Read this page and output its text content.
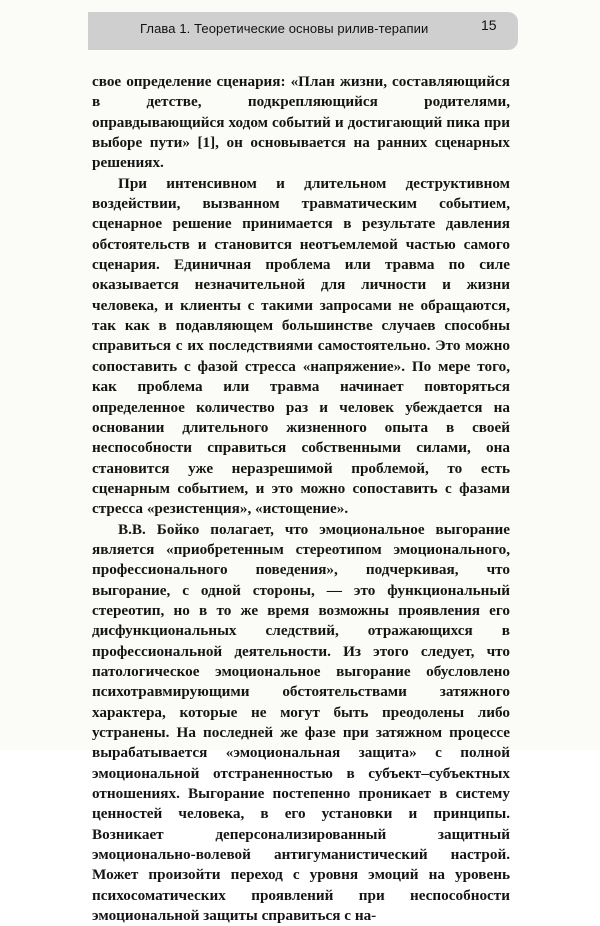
Глава 1. Теоретические основы рилив-терапии	15

свое определение сценария: «План жизни, составляющийся в детстве, подкрепляющийся родителями, оправдывающийся ходом событий и достигающий пика при выборе пути» [1], он основывается на ранних сценарных решениях.

При интенсивном и длительном деструктивном воздействии, вызванном травматическим событием, сценарное решение принимается в результате давления обстоятельств и становится неотъемлемой частью самого сценария. Единичная проблема или травма по силе оказывается незначительной для личности и жизни человека, и клиенты с такими запросами не обращаются, так как в подавляющем большинстве случаев способны справиться с их последствиями самостоятельно. Это можно сопоставить с фазой стресса «напряжение». По мере того, как проблема или травма начинает повторяться определенное количество раз и человек убеждается на основании длительного жизненного опыта в своей неспособности справиться собственными силами, она становится уже неразрешимой проблемой, то есть сценарным событием, и это можно сопоставить с фазами стресса «резистенция», «истощение».

В.В. Бойко полагает, что эмоциональное выгорание является «приобретенным стереотипом эмоционального, профессионального поведения», подчеркивая, что выгорание, с одной стороны, — это функциональный стереотип, но в то же время возможны проявления его дисфункциональных следствий, отражающихся в профессиональной деятельности. Из этого следует, что патологическое эмоциональное выгорание обусловлено психотравмирующими обстоятельствами затяжного характера, которые не могут быть преодолены либо устранены. На последней же фазе при затяжном процессе вырабатывается «эмоциональная защита» с полной эмоциональной отстраненностью в субъект–субъектных отношениях. Выгорание постепенно проникает в систему ценностей человека, в его установки и принципы. Возникает деперсонализированный защитный эмоционально-волевой антигуманистический настрой. Может произойти переход с уровня эмоций на уровень психосоматических проявлений при неспособности эмоциональной защиты справиться с на-
